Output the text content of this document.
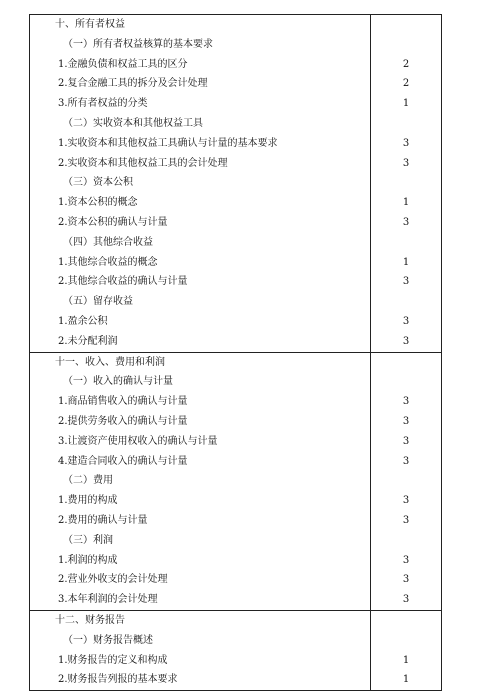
十、所有者权益
（一）所有者权益核算的基本要求
1.金融负债和权益工具的区分	2
2.复合金融工具的拆分及会计处理	2
3.所有者权益的分类	1
（二）实收资本和其他权益工具
1.实收资本和其他权益工具确认与计量的基本要求	3
2.实收资本和其他权益工具的会计处理	3
（三）资本公积
1.资本公积的概念	1
2.资本公积的确认与计量	3
（四）其他综合收益
1.其他综合收益的概念	1
2.其他综合收益的确认与计量	3
（五）留存收益
1.盈余公积	3
2.未分配利润	3
十一、收入、费用和利润
（一）收入的确认与计量
1.商品销售收入的确认与计量	3
2.提供劳务收入的确认与计量	3
3.让渡资产使用权收入的确认与计量	3
4.建造合同收入的确认与计量	3
（二）费用
1.费用的构成	3
2.费用的确认与计量	3
（三）利润
1.利润的构成	3
2.营业外收支的会计处理	3
3.本年利润的会计处理	3
十二、财务报告
（一）财务报告概述
1.财务报告的定义和构成	1
2.财务报告列报的基本要求	1
